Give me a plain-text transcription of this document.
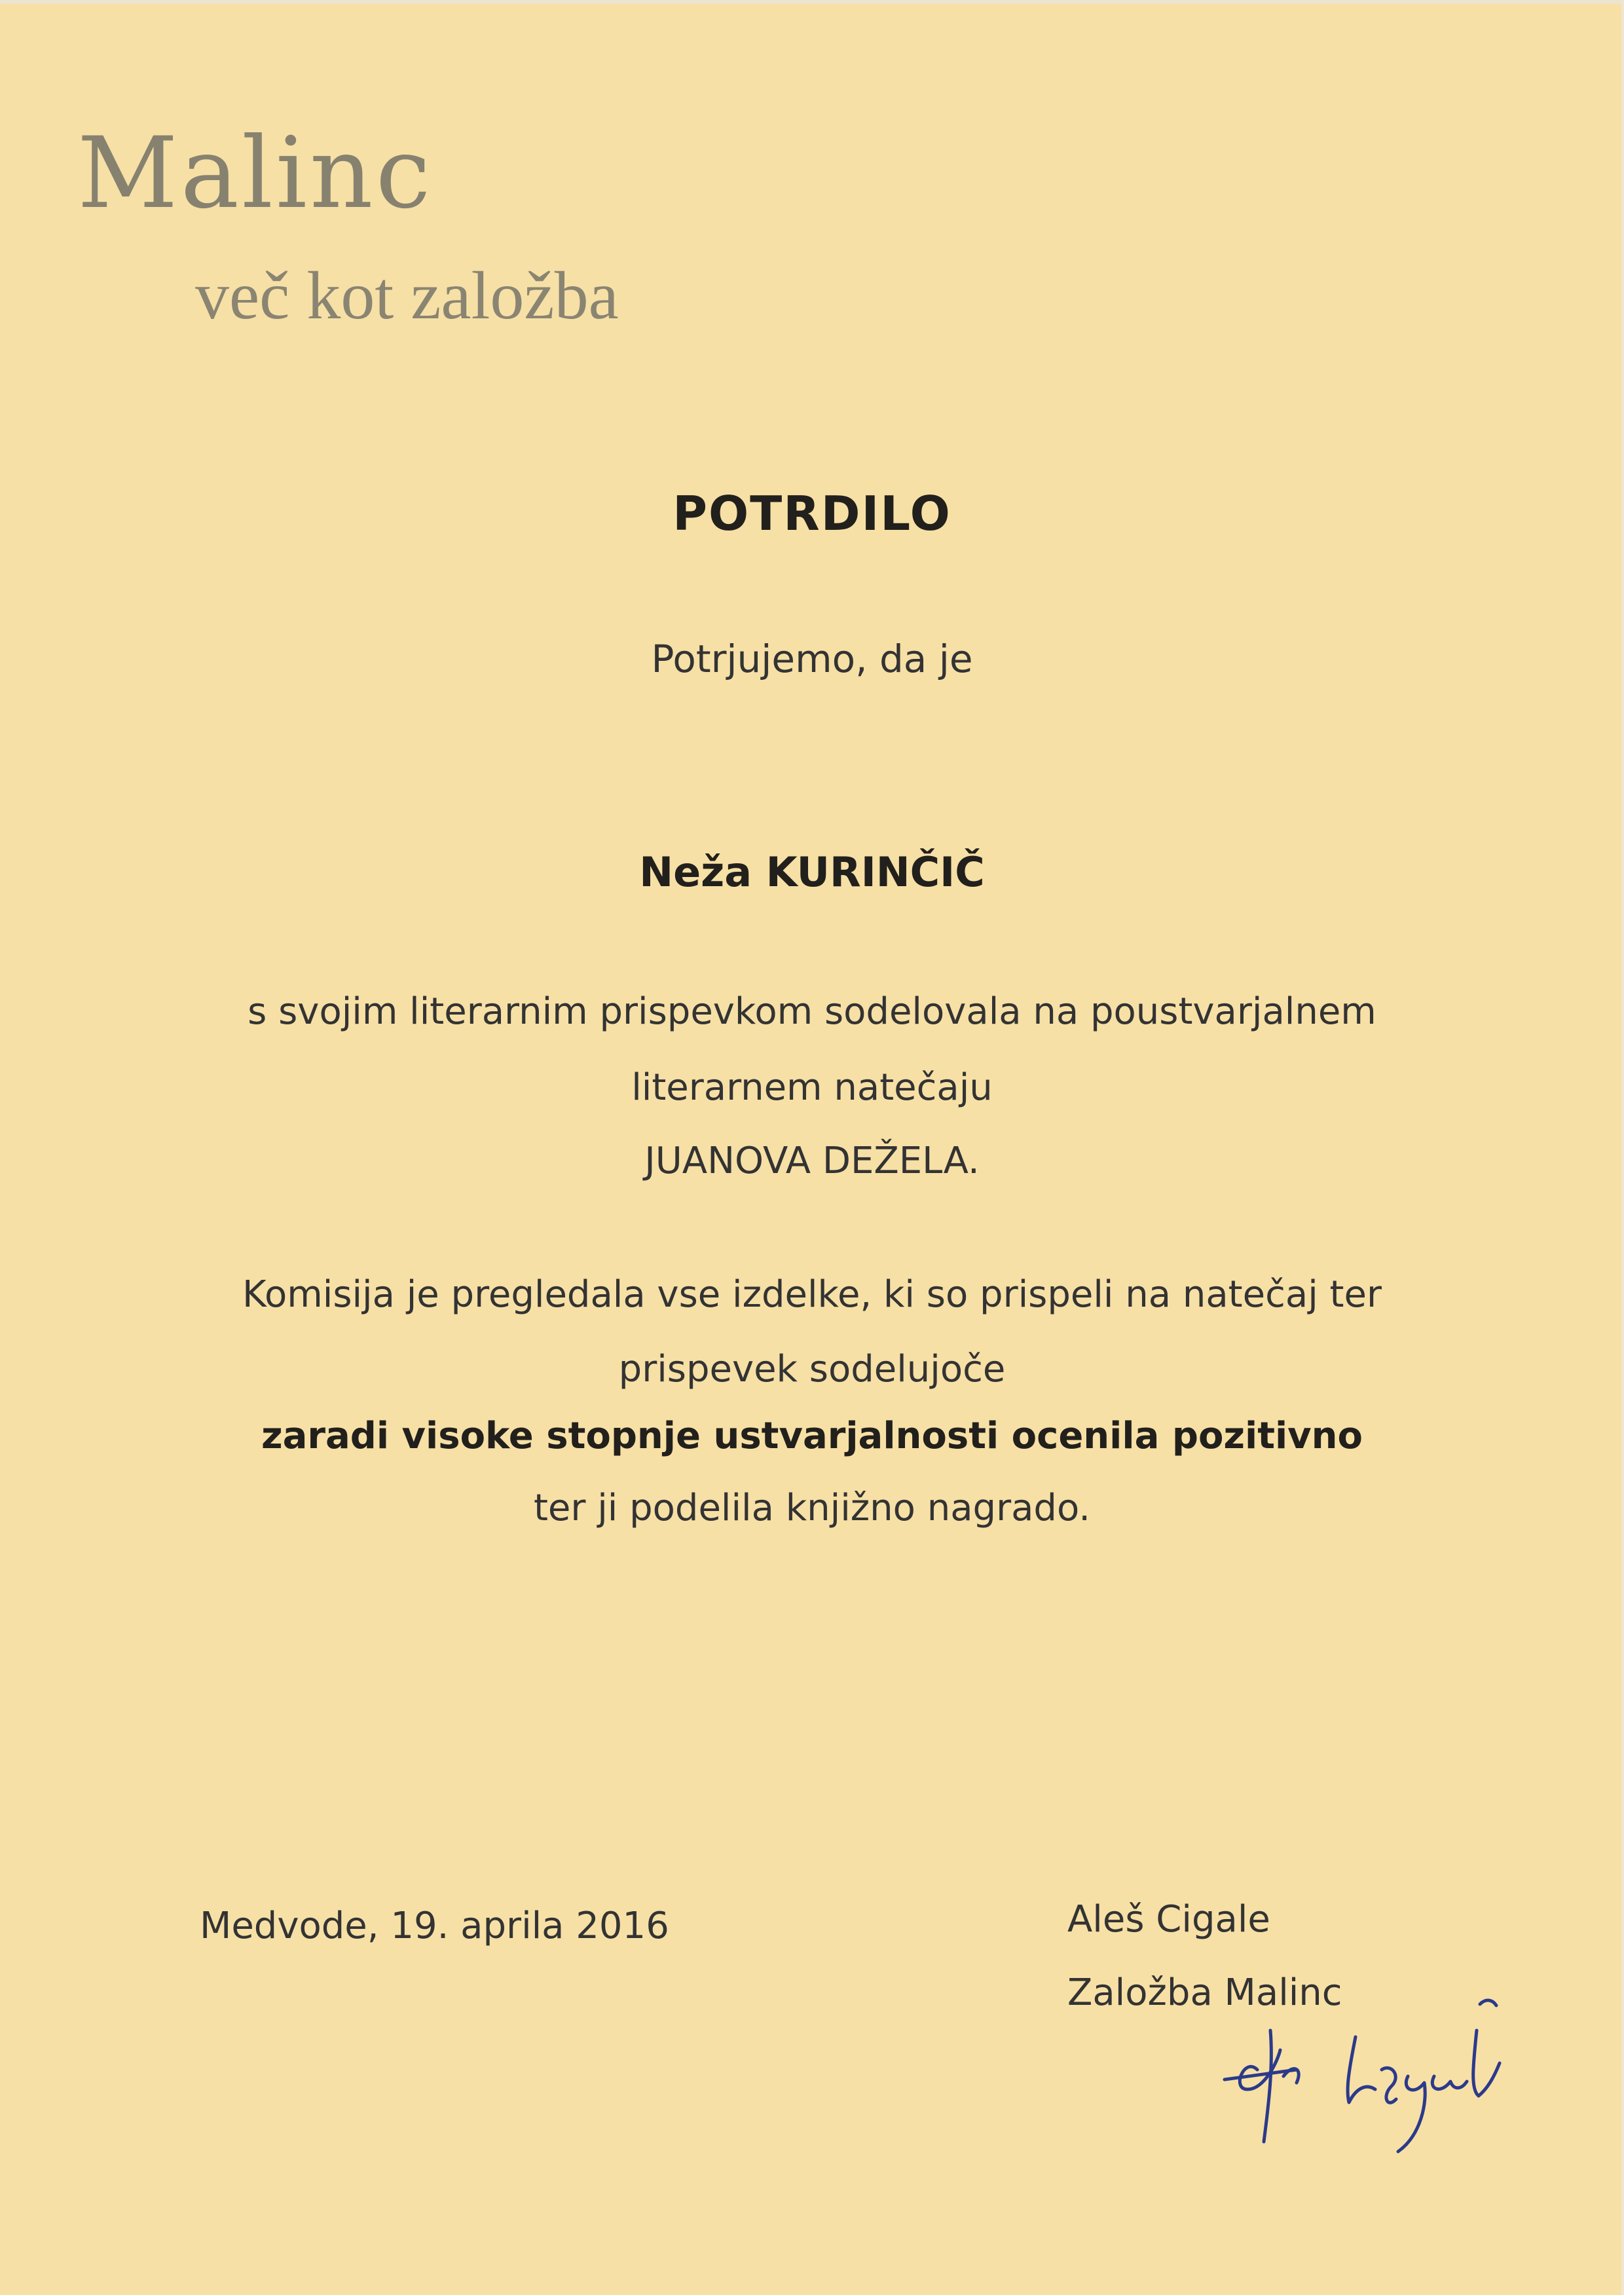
Malinc
več kot založba
POTRDILO
Potrjujemo, da je
Neža KURINČIČ
s svojim literarnim prispevkom sodelovala na poustvarjalnem
literarnem natečaju
JUANOVA DEŽELA.
Komisija je pregledala vse izdelke, ki so prispeli na natečaj ter
prispevek sodelujoče
zaradi visoke stopnje ustvarjalnosti ocenila pozitivno
ter ji podelila knjižno nagrado.
Medvode, 19. aprila 2016	Aleš Cigale
Založba Malinc
